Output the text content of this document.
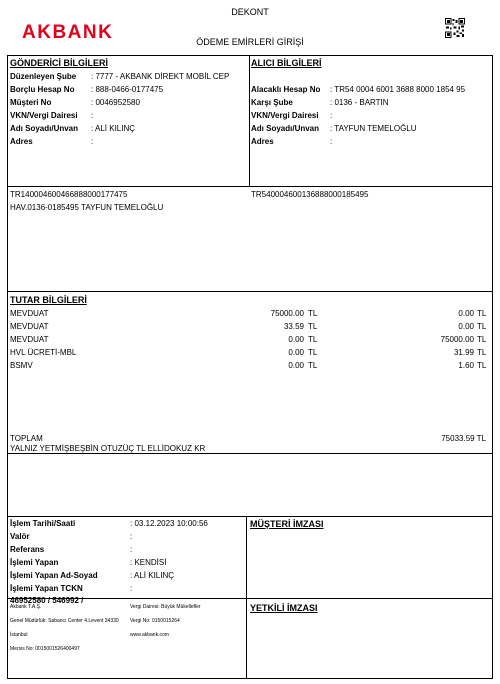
AKBANK
DEKONT
ÖDEME EMİRLERİ GİRİŞİ
GÖNDERİCİ BİLGİLERİ
Düzenleyen Şube : 7777 - AKBANK DİREKT MOBİL CEP
Borçlu Hesap No : 888-0466-0177475
Müşteri No	: 0046952580
VKN/Vergi Dairesi :
Adı Soyadı/Unvan : ALİ KILINÇ
Adres	:
ALICI BİLGİLERİ
Alacaklı Hesap No : TR54 0004 6001 3688 8000 1854 95
Karşı Şube	: 0136 - BARTIN
VKN/Vergi Dairesi :
Adı Soyadı/Unvan : TAYFUN TEMELOĞLU
Adres	:
TR140004600466888000177475	TR540004600136888000185495
HAV.0136-0185495 TAYFUN TEMELOĞLU
TUTAR BİLGİLERİ
MEVDUAT	75000.00 TL	0.00 TL
MEVDUAT	33.59 TL	0.00 TL
MEVDUAT	0.00 TL	75000.00 TL
HVL ÜCRETİ-MBL	0.00 TL	31.99 TL
BSMV	0.00 TL	1.60 TL
TOPLAM	75033.59 TL
YALNIZ YETMİŞBEŞBİN OTUZÜÇ TL ELLİDOKUZ KR
İşlem Tarihi/Saati	: 03.12.2023 10:00:56
Valör	:
Referans	:
İşlemi Yapan	: KENDİSİ
İşlemi Yapan Ad-Soyad	: ALİ KILINÇ
İşlemi Yapan TCKN	:
46952580 / 546992 /
MÜŞTERİ İMZASI
YETKİLİ İMZASI
Akbank T.A.Ş.
Genel Müdürlük: Sabancı Center 4.Levent 34330
İstanbul
Mersis No: 0015001526400497
Vergi Dairesi: Büyük Mükellefler
Vergi No: 0150015264
www.akbank.com
